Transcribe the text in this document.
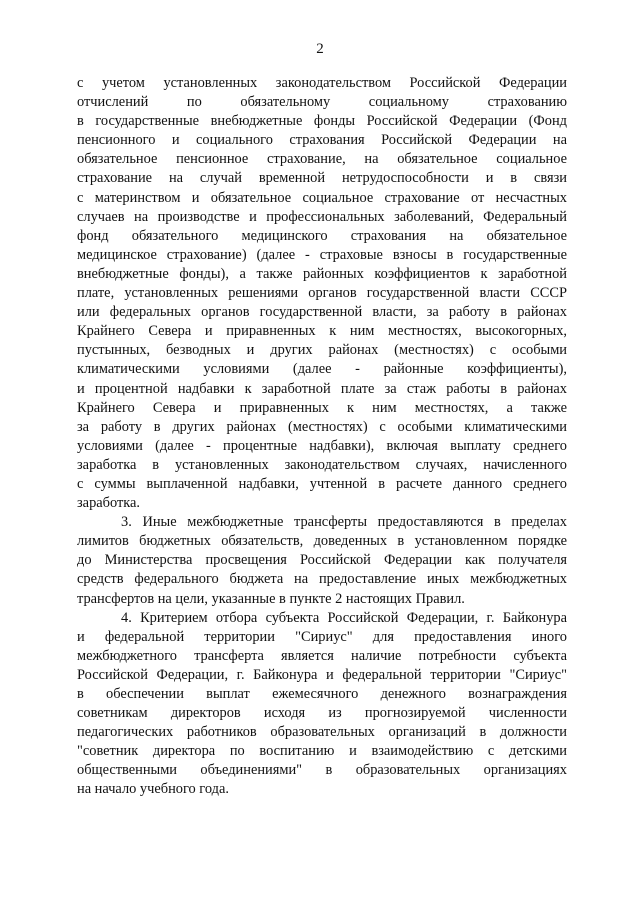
2
с учетом установленных законодательством Российской Федерации
отчислений по обязательному социальному страхованию
в государственные внебюджетные фонды Российской Федерации (Фонд
пенсионного и социального страхования Российской Федерации на
обязательное пенсионное страхование, на обязательное социальное
страхование на случай временной нетрудоспособности и в связи
с материнством и обязательное социальное страхование от несчастных
случаев на производстве и профессиональных заболеваний, Федеральный
фонд обязательного медицинского страхования на обязательное
медицинское страхование) (далее - страховые взносы в государственные
внебюджетные фонды), а также районных коэффициентов к заработной
плате, установленных решениями органов государственной власти СССР
или федеральных органов государственной власти, за работу в районах
Крайнего Севера и приравненных к ним местностях, высокогорных,
пустынных, безводных и других районах (местностях) с особыми
климатическими условиями (далее - районные коэффициенты),
и процентной надбавки к заработной плате за стаж работы в районах
Крайнего Севера и приравненных к ним местностях, а также
за работу в других районах (местностях) с особыми климатическими
условиями (далее - процентные надбавки), включая выплату среднего
заработка в установленных законодательством случаях, начисленного
с суммы выплаченной надбавки, учтенной в расчете данного среднего
заработка.
3. Иные межбюджетные трансферты предоставляются в пределах
лимитов бюджетных обязательств, доведенных в установленном порядке
до Министерства просвещения Российской Федерации как получателя
средств федерального бюджета на предоставление иных межбюджетных
трансфертов на цели, указанные в пункте 2 настоящих Правил.
4. Критерием отбора субъекта Российской Федерации, г. Байконура
и федеральной территории "Сириус" для предоставления иного
межбюджетного трансферта является наличие потребности субъекта
Российской Федерации, г. Байконура и федеральной территории "Сириус"
в обеспечении выплат ежемесячного денежного вознаграждения
советникам директоров исходя из прогнозируемой численности
педагогических работников образовательных организаций в должности
"советник директора по воспитанию и взаимодействию с детскими
общественными объединениями" в образовательных организациях
на начало учебного года.
